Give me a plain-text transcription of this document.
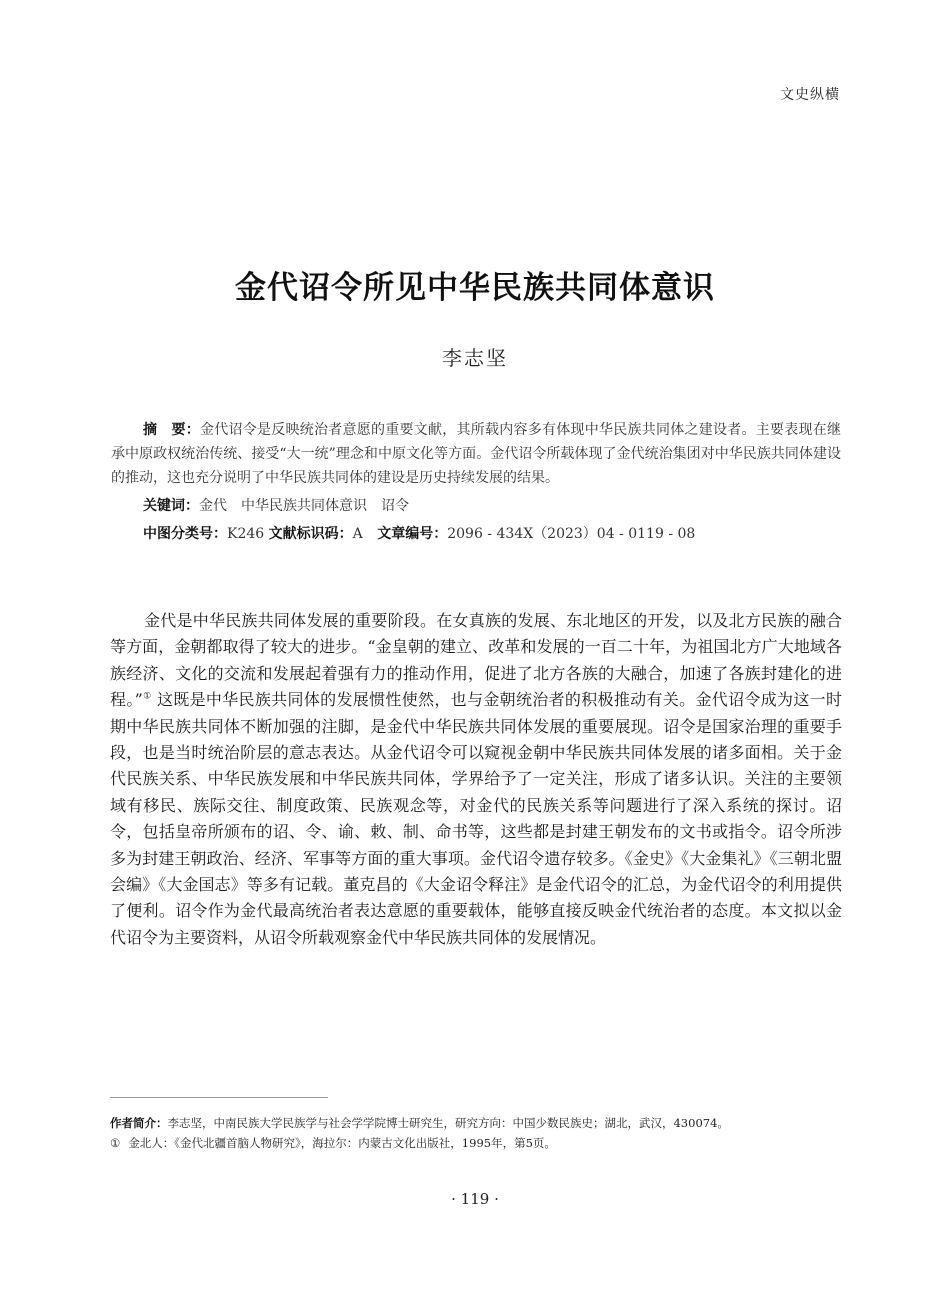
文史纵横
金代诏令所见中华民族共同体意识
李志坚

摘　要：金代诏令是反映统治者意愿的重要文献，其所载内容多有体现中华民族共同体之建设者。主要表现在继承中原政权统治传统、接受“大一统”理念和中原文化等方面。金代诏令所载体现了金代统治集团对中华民族共同体建设的推动，这也充分说明了中华民族共同体的建设是历史持续发展的结果。

关键词：金代　中华民族共同体意识　诏令
中图分类号：K246 文献标识码：A 文章编号：2096 - 434X（2023）04 - 0119 - 08

金代是中华民族共同体发展的重要阶段。在女真族的发展、东北地区的开发，以及北方民族的融合等方面，金朝都取得了较大的进步。“金皇朝的建立、改革和发展的一百二十年，为祖国北方广大地域各族经济、文化的交流和发展起着强有力的推动作用，促进了北方各族的大融合，加速了各族封建化的进程。”① 这既是中华民族共同体的发展惯性使然，也与金朝统治者的积极推动有关。金代诏令成为这一时期中华民族共同体不断加强的注脚，是金代中华民族共同体发展的重要展现。诏令是国家治理的重要手段，也是当时统治阶层的意志表达。从金代诏令可以窥视金朝中华民族共同体发展的诸多面相。关于金代民族关系、中华民族发展和中华民族共同体，学界给予了一定关注，形成了诸多认识。关注的主要领域有移民、族际交往、制度政策、民族观念等，对金代的民族关系等问题进行了深入系统的探讨。诏令，包括皇帝所颁布的诏、令、谕、敕、制、命书等，这些都是封建王朝发布的文书或指令。诏令所涉多为封建王朝政治、经济、军事等方面的重大事项。金代诏令遗存较多。《金史》《大金集礼》《三朝北盟会编》《大金国志》等多有记载。董克昌的《大金诏令释注》是金代诏令的汇总，为金代诏令的利用提供了便利。诏令作为金代最高统治者表达意愿的重要载体，能够直接反映金代统治者的态度。本文拟以金代诏令为主要资料，从诏令所载观察金代中华民族共同体的发展情况。

作者简介：李志坚，中南民族大学民族学与社会学学院博士研究生，研究方向：中国少数民族史；湖北，武汉，430074。

① 金北人：《金代北疆首脑人物研究》，海拉尔：内蒙古文化出版社，1995年，第5页。

· 119 ·
